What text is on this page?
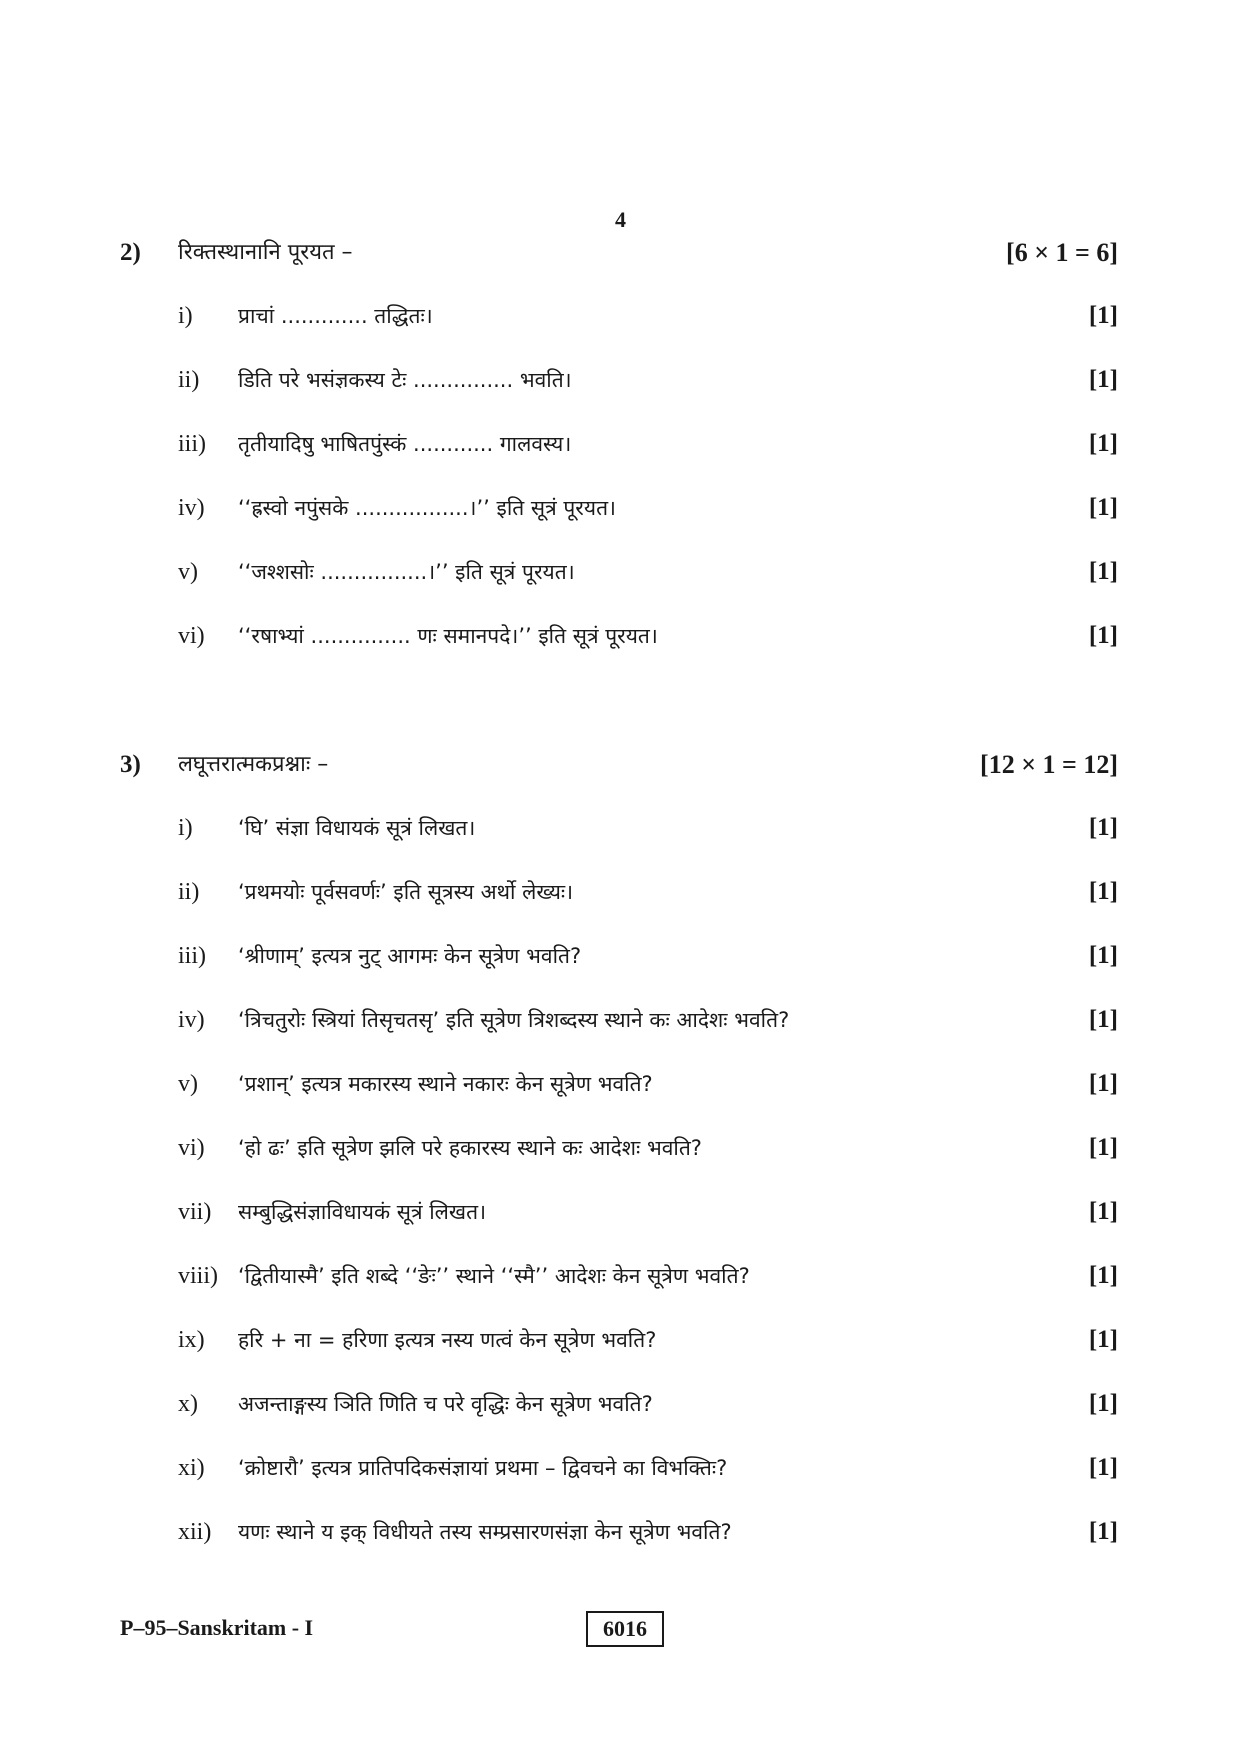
4
2) रिक्तस्थानानि पूरयत –	[6 × 1 = 6]
i) प्राचां ............. तद्धितः।	[1]
ii) डिति परे भसंज्ञकस्य टेः ............... भवति।	[1]
iii) तृतीयादिषु भाषितपुंस्कं ............ गालवस्य।	[1]
iv) ‘‘ह्रस्वो नपुंसके .................।’’ इति सूत्रं पूरयत।	[1]
v) ‘‘जश्शसोः ................।’’ इति सूत्रं पूरयत।	[1]
vi) ‘‘रषाभ्यां ............... णः समानपदे।’’ इति सूत्रं पूरयत।	[1]
3) लघूत्तरात्मकप्रश्नाः –	[12 × 1 = 12]
i) ‘घि’ संज्ञा विधायकं सूत्रं लिखत।	[1]
ii) ‘प्रथमयोः पूर्वसवर्णः’ इति सूत्रस्य अर्थो लेख्यः।	[1]
iii) ‘श्रीणाम्’ इत्यत्र नुट् आगमः केन सूत्रेण भवति?	[1]
iv) ‘त्रिचतुरोः स्त्रियां तिसृचतसृ’ इति सूत्रेण त्रिशब्दस्य स्थाने कः आदेशः भवति?	[1]
v) ‘प्रशान्’ इत्यत्र मकारस्य स्थाने नकारः केन सूत्रेण भवति?	[1]
vi) ‘हो ढः’ इति सूत्रेण झलि परे हकारस्य स्थाने कः आदेशः भवति?	[1]
vii) सम्बुद्धिसंज्ञाविधायकं सूत्रं लिखत।	[1]
viii) ‘द्वितीयास्मै’ इति शब्दे ‘‘ङेः’’ स्थाने ‘‘स्मै’’ आदेशः केन सूत्रेण भवति?	[1]
ix) हरि + ना = हरिणा इत्यत्र नस्य णत्वं केन सूत्रेण भवति?	[1]
x) अजन्ताङ्गस्य ञिति णिति च परे वृद्धिः केन सूत्रेण भवति?	[1]
xi) ‘क्रोष्टारौ’ इत्यत्र प्रातिपदिकसंज्ञायां प्रथमा – द्विवचने का विभक्तिः?	[1]
xii) यणः स्थाने य इक् विधीयते तस्य सम्प्रसारणसंज्ञा केन सूत्रेण भवति?	[1]
P–95–Sanskritam - I	6016
